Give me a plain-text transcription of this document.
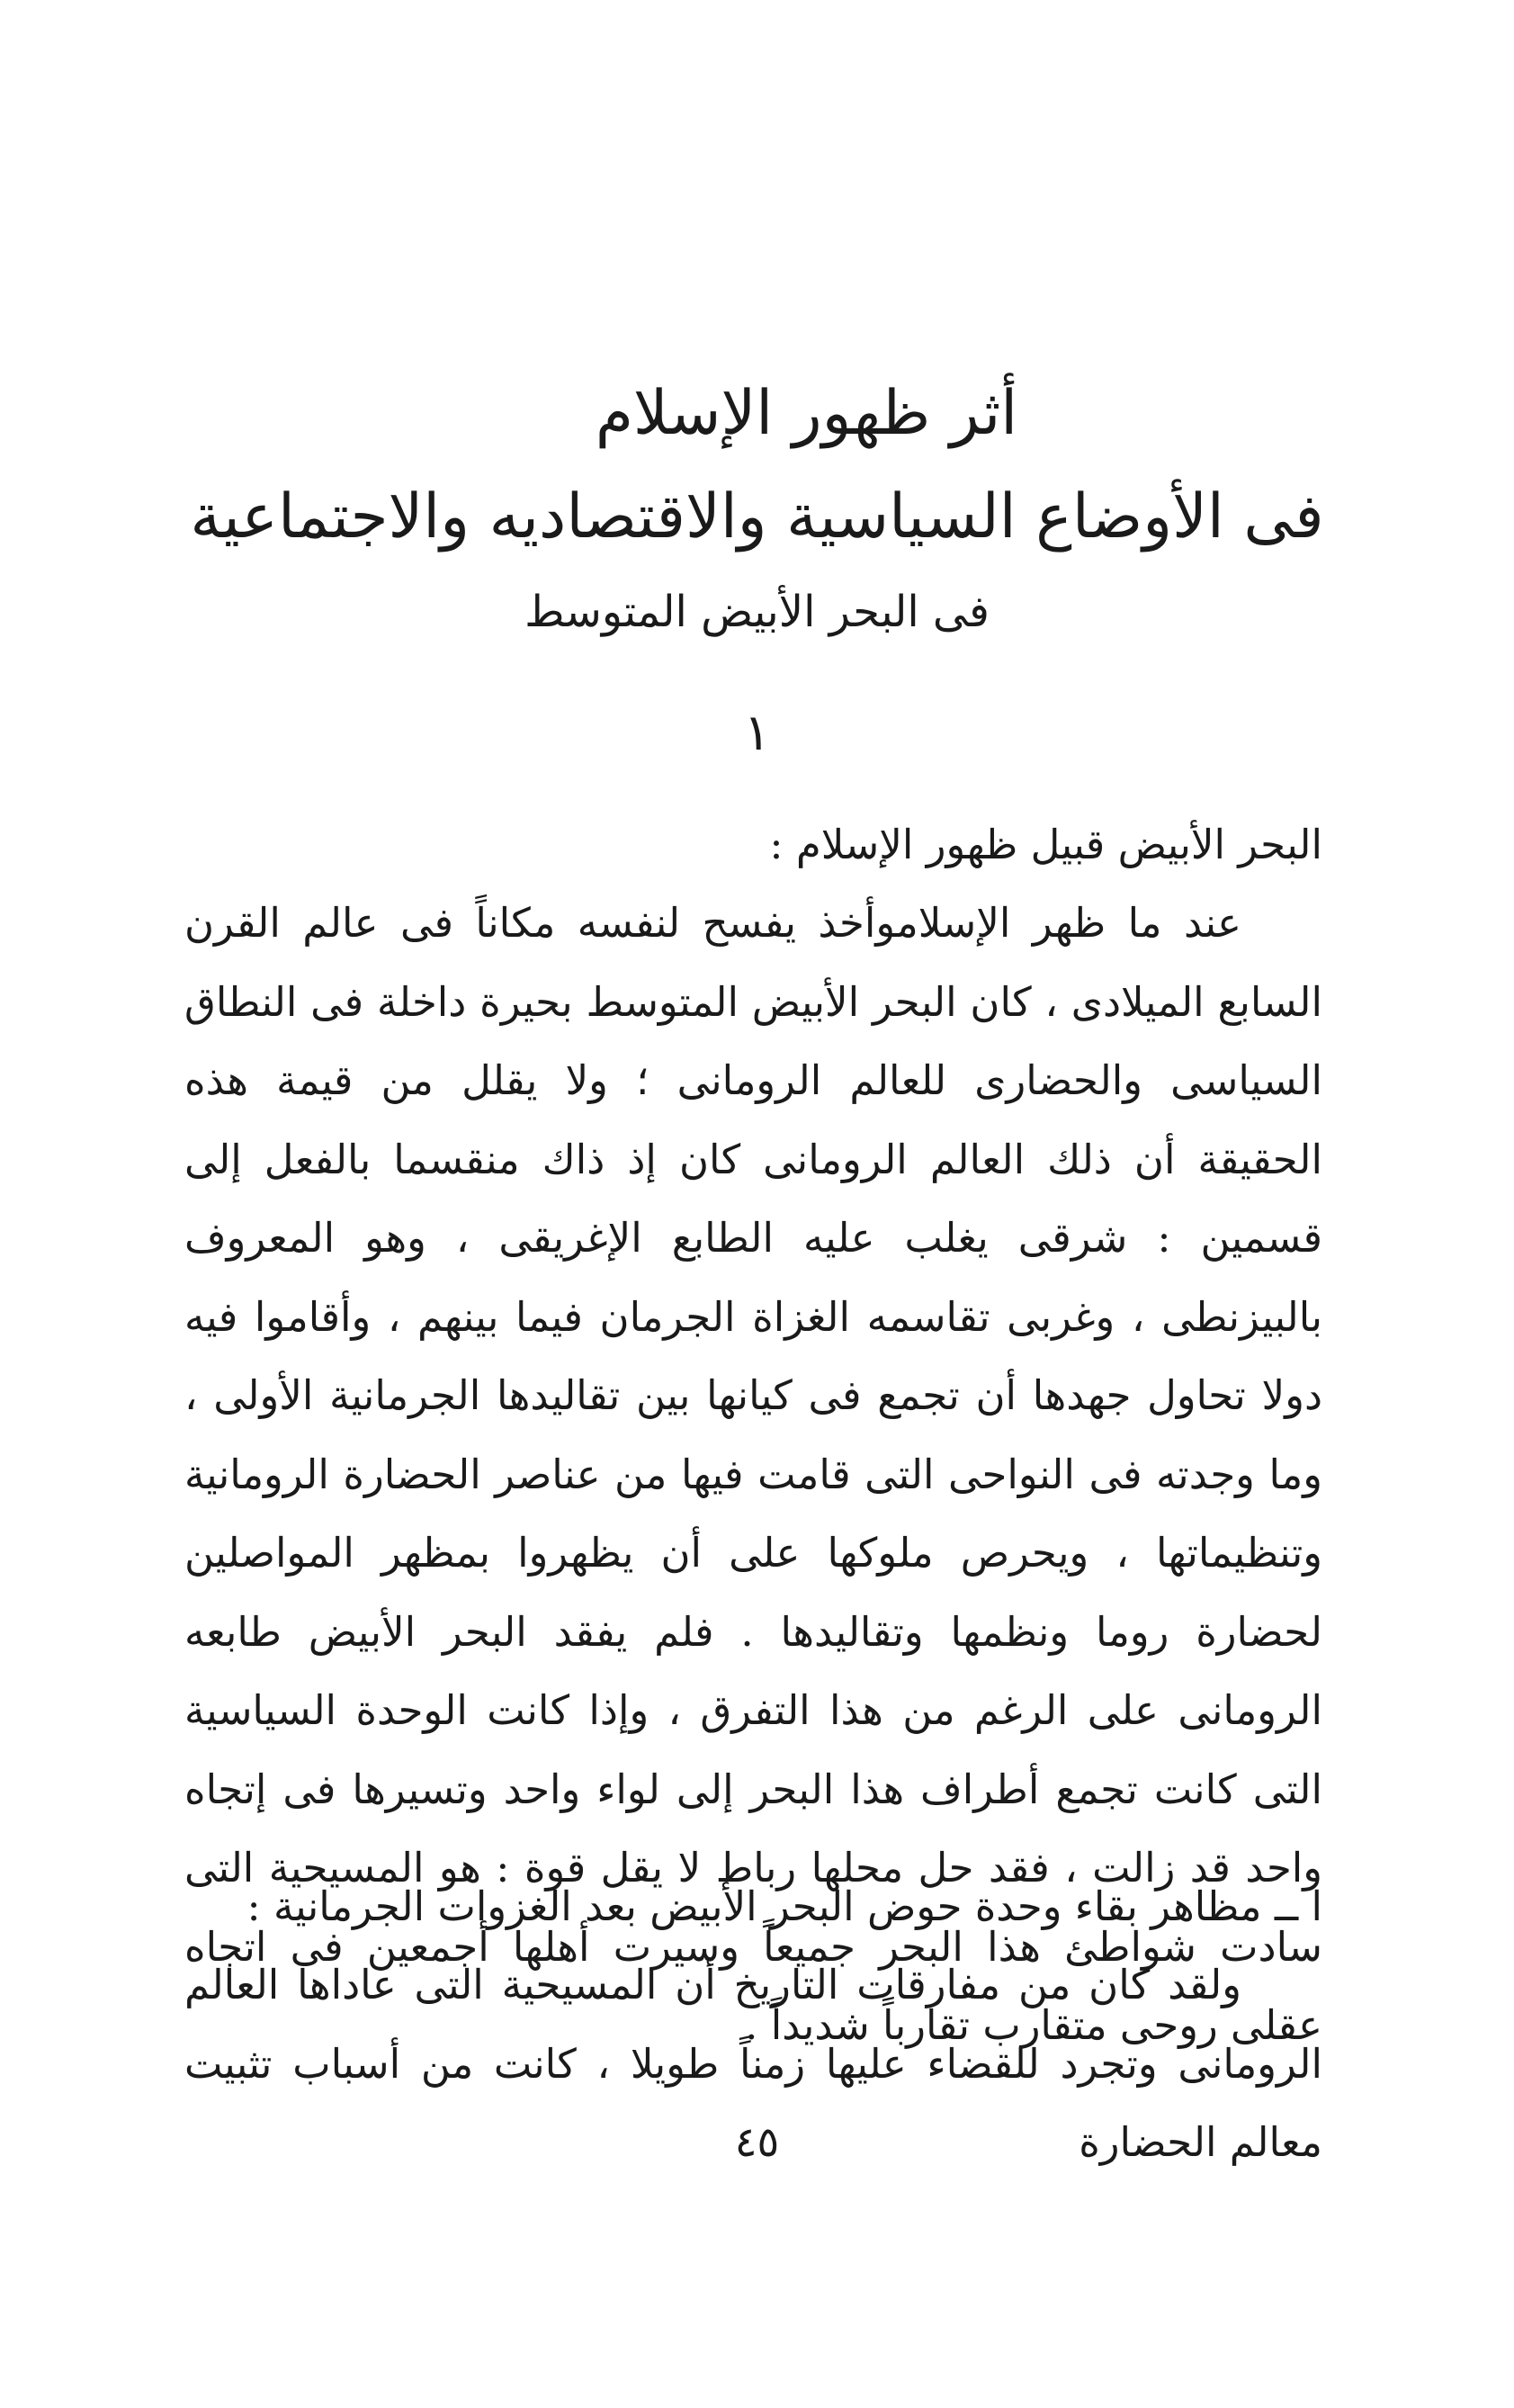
أثر ظهور الإسلام
فى الأوضاع السياسية والاقتصاديه والاجتماعية
فى البحر الأبيض المتوسط
١

البحر الأبيض قبيل ظهور الإسلام :

عند ما ظهر الإسلاموأخذ يفسح لنفسه مكاناً فى عالم القرن السابع الميلادى ، كان البحر الأبيض المتوسط بحيرة داخلة فى النطاق السياسى والحضارى للعالم الرومانى ؛ ولا يقلل من قيمة هذه الحقيقة أن ذلك العالم الرومانى كان إذ ذاك منقسما بالفعل إلى قسمين : شرقى يغلب عليه الطابع الإغريقى ، وهو المعروف بالبيزنطى ، وغربى تقاسمه الغزاة الجرمان فيما بينهم ، وأقاموا فيه دولا تحاول جهدها أن تجمع فى كيانها بين تقاليدها الجرمانية الأولى ، وما وجدته فى النواحى التى قامت فيها من عناصر الحضارة الرومانية وتنظيماتها ، ويحرص ملوكها على أن يظهروا بمظهر المواصلين لحضارة روما ونظمها وتقاليدها . فلم يفقد البحر الأبيض طابعه الرومانى على الرغم من هذا التفرق ، وإذا كانت الوحدة السياسية التى كانت تجمع أطراف هذا البحر إلى لواء واحد وتسيرها فى إتجاه واحد قد زالت ، فقد حل محلها رباط لا يقل قوة : هو المسيحية التى سادت شواطئ هذا البحر جميعاً وسيرت أهلها أجمعين فى اتجاه عقلى روحى متقارب تقارباً شديداً .

ا ــ مظاهر بقاء وحدة حوض البحر الأبيض بعد الغزوات الجرمانية :

ولقد كان من مفارقات التاريخ أن المسيحية التى عاداها العالم الرومانى وتجرد للقضاء عليها زمناً طويلا ، كانت من أسباب تثبيت معالم الحضارة

٤٥
